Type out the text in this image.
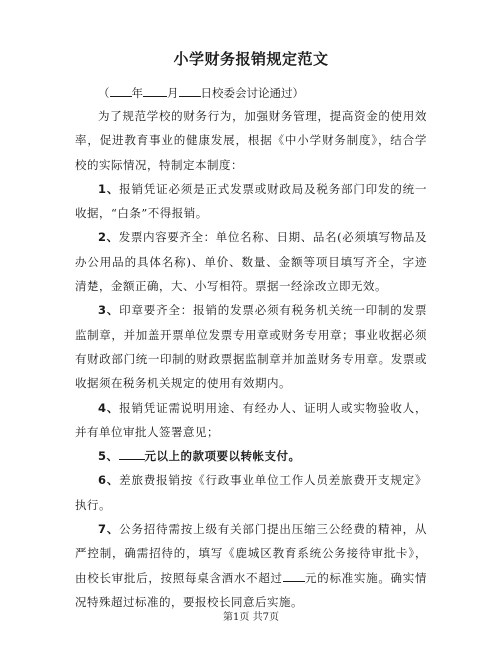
小学财务报销规定范文
（ 年 月 日校委会讨论通过）

为了规范学校的财务行为，加强财务管理，提高资金的使用效率，促进教育事业的健康发展，根据《中小学财务制度》，结合学校的实际情况，特制定本制度：

1、报销凭证必须是正式发票或财政局及税务部门印发的统一收据，“白条”不得报销。

2、发票内容要齐全：单位名称、日期、品名(必须填写物品及办公用品的具体名称)、单价、数量、金额等项目填写齐全，字迹清楚，金额正确，大、小写相符。票据一经涂改立即无效。

3、印章要齐全：报销的发票必须有税务机关统一印制的发票监制章，并加盖开票单位发票专用章或财务专用章；事业收据必须有财政部门统一印制的财政票据监制章并加盖财务专用章。发票或收据须在税务机关规定的使用有效期内。

4、报销凭证需说明用途、有经办人、证明人或实物验收人，并有单位审批人签署意见；

5、 元以上的款项要以转帐支付。

6、差旅费报销按《行政事业单位工作人员差旅费开支规定》执行。

7、公务招待需按上级有关部门提出压缩三公经费的精神，从严控制，确需招待的，填写《鹿城区教育系统公务接待审批卡》，由校长审批后，按照每桌含酒水不超过 元的标准实施。确实情况特殊超过标准的，要报校长同意后实施。

第1页 共7页
